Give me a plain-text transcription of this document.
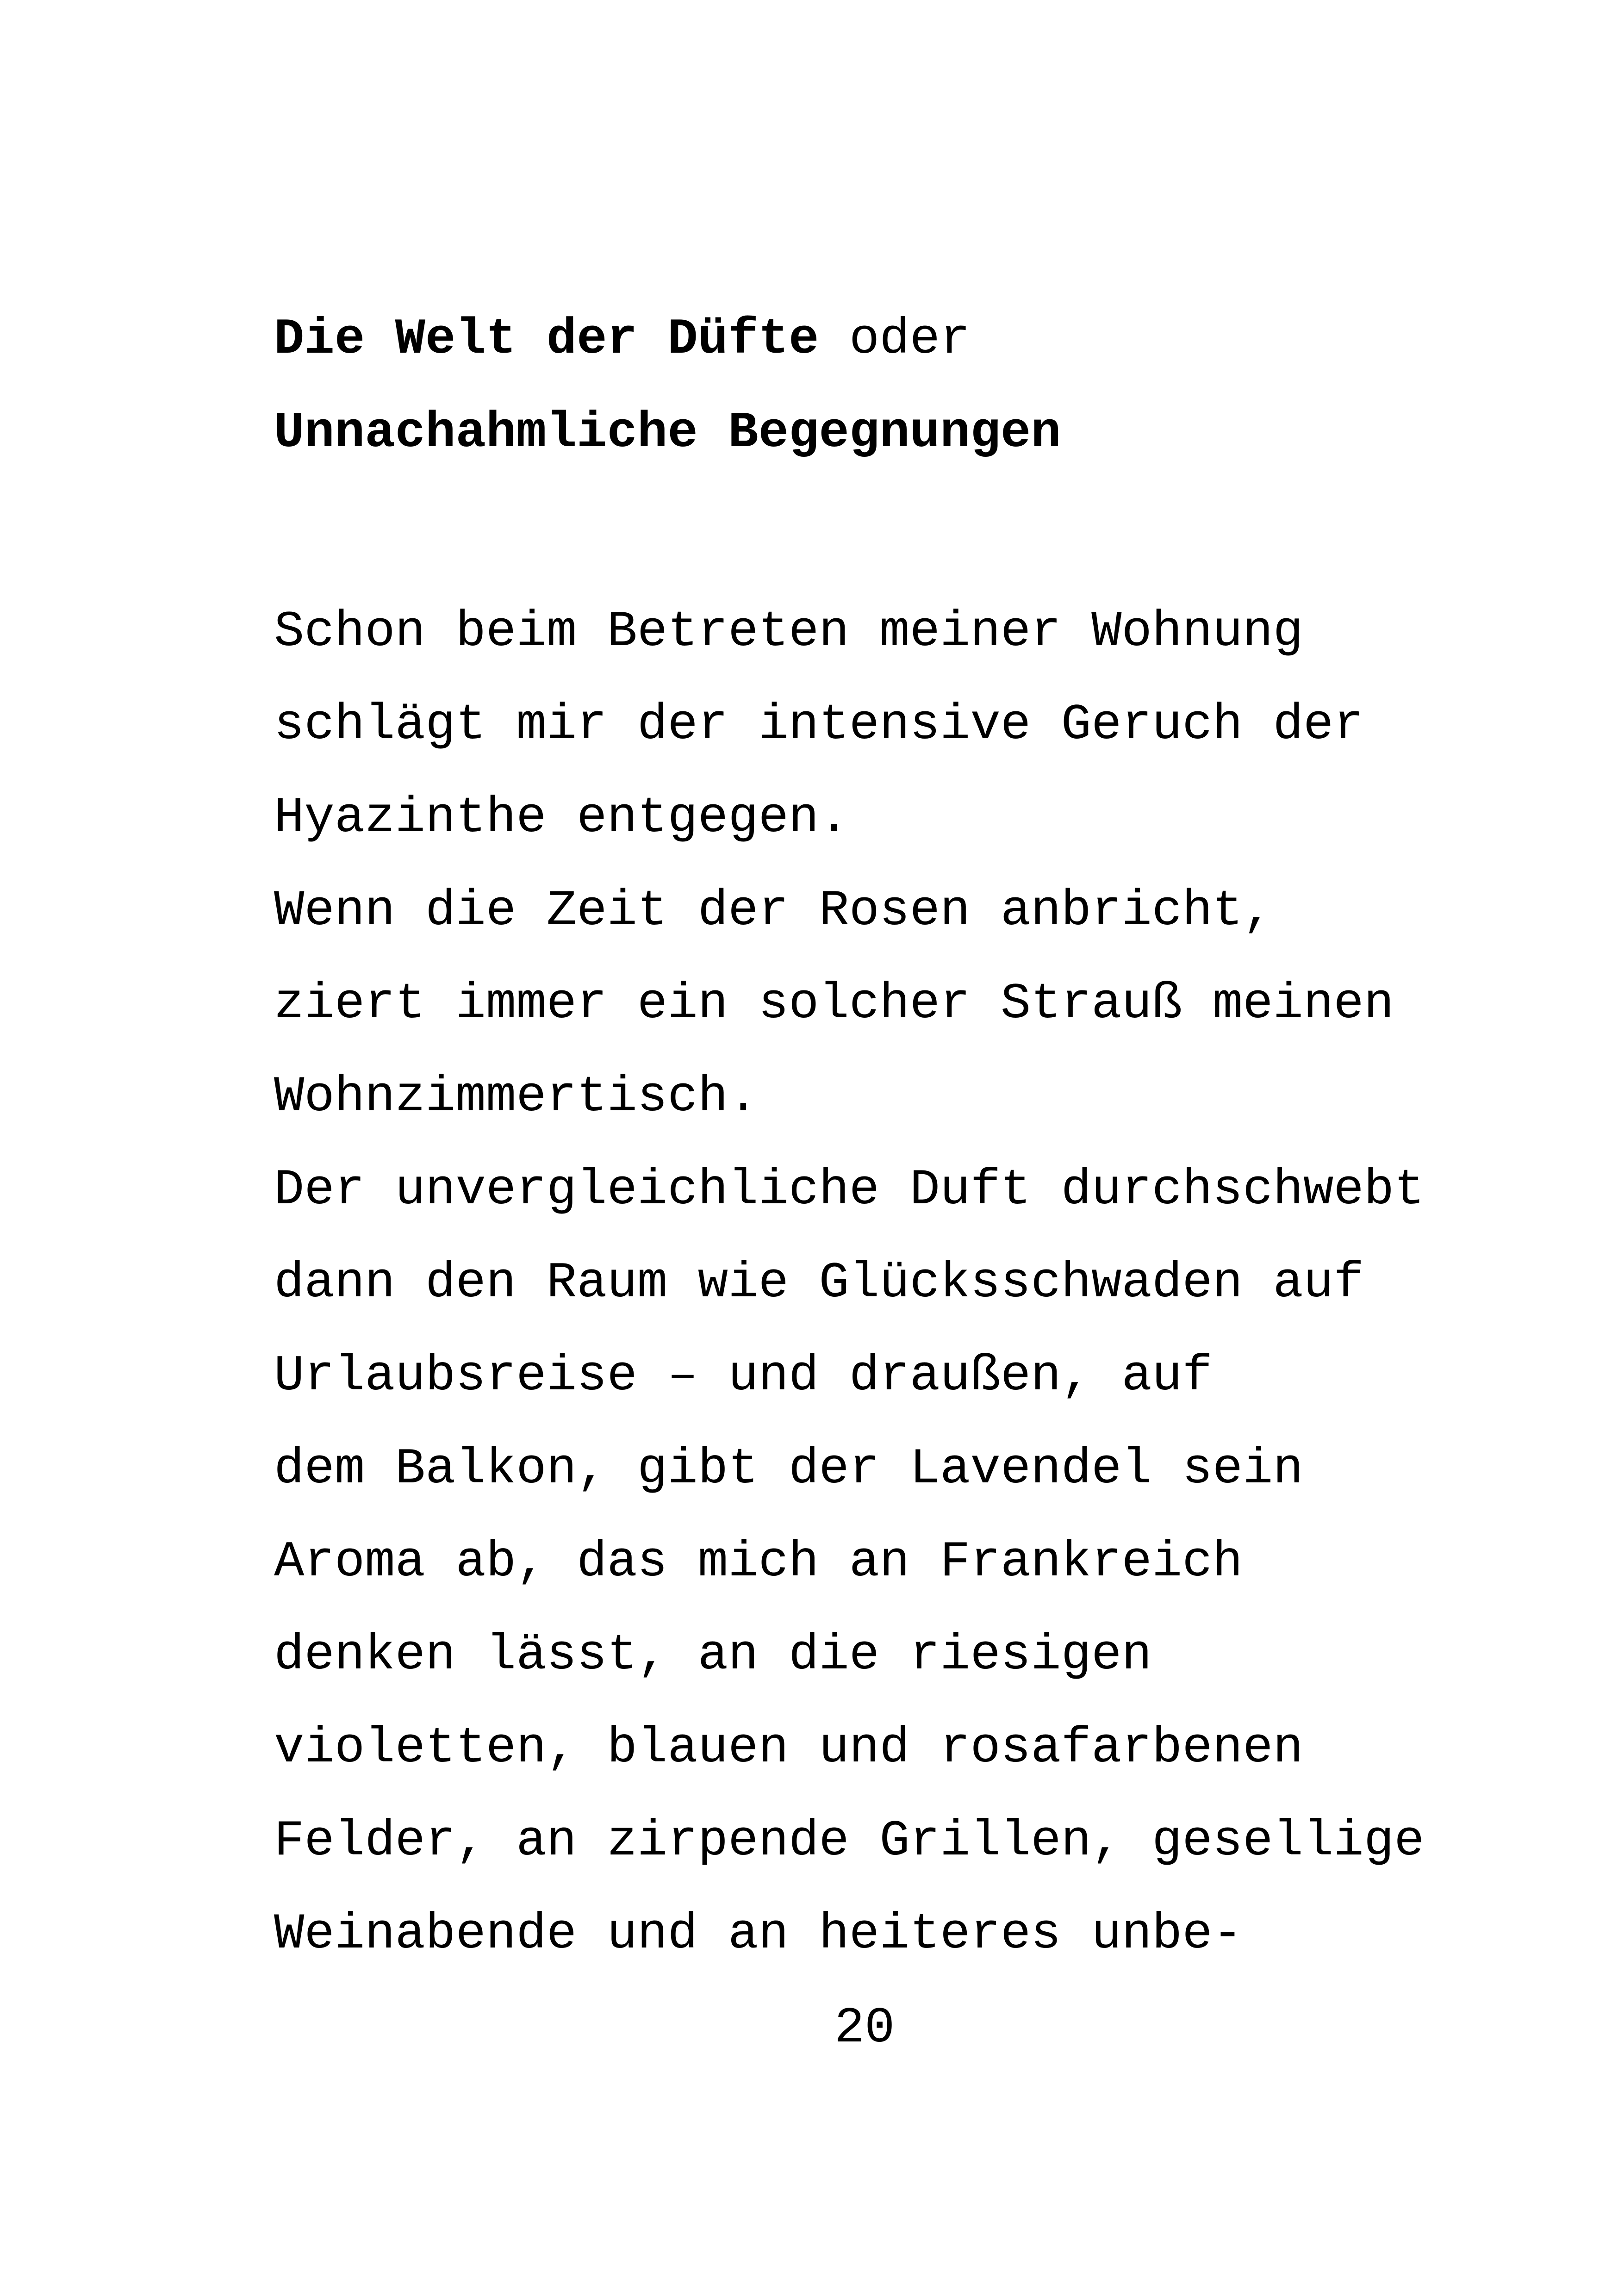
Die Welt der Düfte oder

Unnachahmliche Begegnungen

Schon beim Betreten meiner Wohnung

schlägt mir der intensive Geruch der

Hyazinthe entgegen.

Wenn die Zeit der Rosen anbricht,

ziert immer ein solcher Strauß meinen

Wohnzimmertisch.

Der unvergleichliche Duft durchschwebt

dann den Raum wie Glücksschwaden auf

Urlaubsreise – und draußen, auf

dem Balkon, gibt der Lavendel sein

Aroma ab, das mich an Frankreich

denken lässt, an die riesigen

violetten, blauen und rosafarbenen

Felder, an zirpende Grillen, gesellige

Weinabende und an heiteres unbe-

20
